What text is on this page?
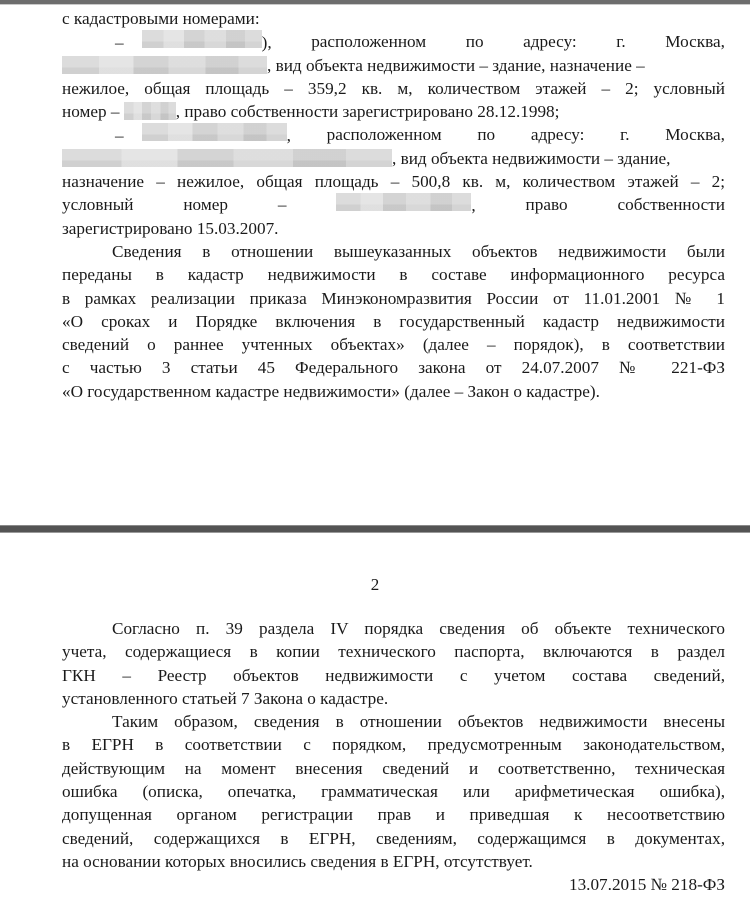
с кадастровыми номерами:
–	), расположенном по адресу: г. Москва,
, вид объекта недвижимости – здание, назначение –
нежилое, общая площадь – 359,2 кв. м, количеством этажей – 2; условный
номер –	, право собственности зарегистрировано 28.12.1998;
–	, расположенном по адресу: г. Москва,
, вид объекта недвижимости – здание,
назначение – нежилое, общая площадь – 500,8 кв. м, количеством этажей – 2;
условный	номер	–	,	право	собственности
зарегистрировано 15.03.2007.
Сведения в отношении вышеуказанных объектов недвижимости были
переданы в кадастр недвижимости в составе информационного ресурса
в рамках реализации приказа Минэкономразвития России от 11.01.2001 № 1
«О сроках и Порядке включения в государственный кадастр недвижимости
сведений о раннее учтенных объектах» (далее – порядок), в соответствии
с частью 3 статьи 45 Федерального закона от 24.07.2007 № 221-ФЗ
«О государственном кадастре недвижимости» (далее – Закон о кадастре).
2
Согласно п. 39 раздела IV порядка сведения об объекте технического
учета, содержащиеся в копии технического паспорта, включаются в раздел
ГКН – Реестр объектов недвижимости с учетом состава сведений,
установленного статьей 7 Закона о кадастре.
Таким образом, сведения в отношении объектов недвижимости внесены
в ЕГРН в соответствии с порядком, предусмотренным законодательством,
действующим на момент внесения сведений и соответственно, техническая
ошибка (описка, опечатка, грамматическая или арифметическая ошибка),
допущенная органом регистрации прав и приведшая к несоответствию
сведений, содержащихся в ЕГРН, сведениям, содержащимся в документах,
на основании которых вносились сведения в ЕГРН, отсутствует.
13.07.2015 № 218-ФЗ
